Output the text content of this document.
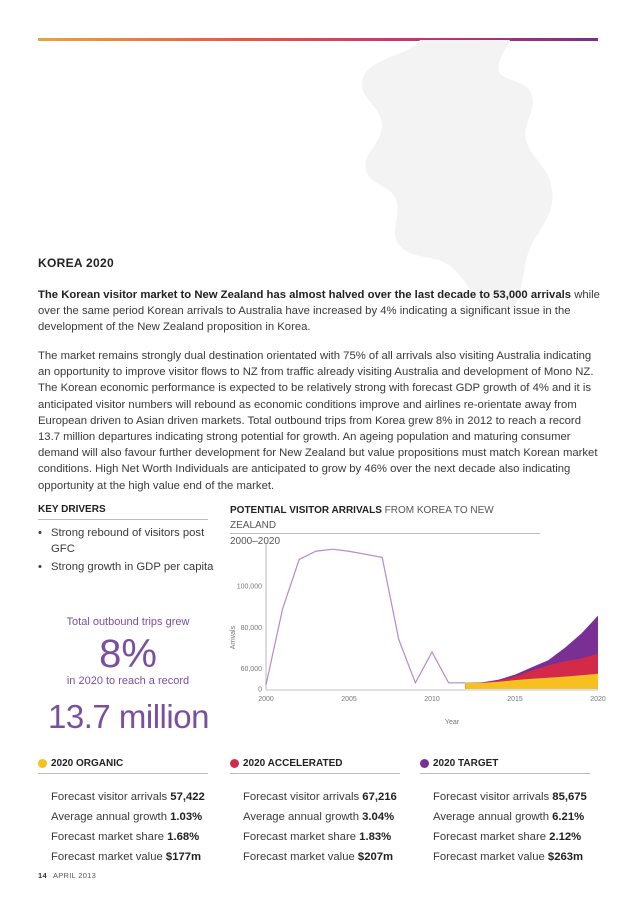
KOREA 2020

The Korean visitor market to New Zealand has almost halved over the last decade to 53,000 arrivals while over the same period Korean arrivals to Australia have increased by 4% indicating a significant issue in the development of the New Zealand proposition in Korea.

The market remains strongly dual destination orientated with 75% of all arrivals also visiting Australia indicating an opportunity to improve visitor flows to NZ from traffic already visiting Australia and development of Mono NZ. The Korean economic performance is expected to be relatively strong with forecast GDP growth of 4% and it is anticipated visitor numbers will rebound as economic conditions improve and airlines re-orientate away from European driven to Asian driven markets. Total outbound trips from Korea grew 8% in 2012 to reach a record 13.7 million departures indicating strong potential for growth. An ageing population and maturing consumer demand will also favour further development for New Zealand but value propositions must match Korean market conditions. High Net Worth Individuals are anticipated to grow by 46% over the next decade also indicating opportunity at the high value end of the market.

KEY DRIVERS
• Strong rebound of visitors post GFC
• Strong growth in GDP per capita
Total outbound trips grew
8%
in 2020 to reach a record
13.7 million
POTENTIAL VISITOR ARRIVALS FROM KOREA TO NEW ZEALAND
2000–2020
0
60,000
80,000
100,000
2000	2005	2010	2015	2020
Year
Arrivals
2020 ORGANIC
Forecast visitor arrivals 57,422
Average annual growth 1.03%
Forecast market share 1.68%
Forecast market value $177m
2020 ACCELERATED
Forecast visitor arrivals 67,216
Average annual growth 3.04%
Forecast market share 1.83%
Forecast market value $207m
2020 TARGET
Forecast visitor arrivals 85,675
Average annual growth 6.21%
Forecast market share 2.12%
Forecast market value $263m
14 APRIL 2013
